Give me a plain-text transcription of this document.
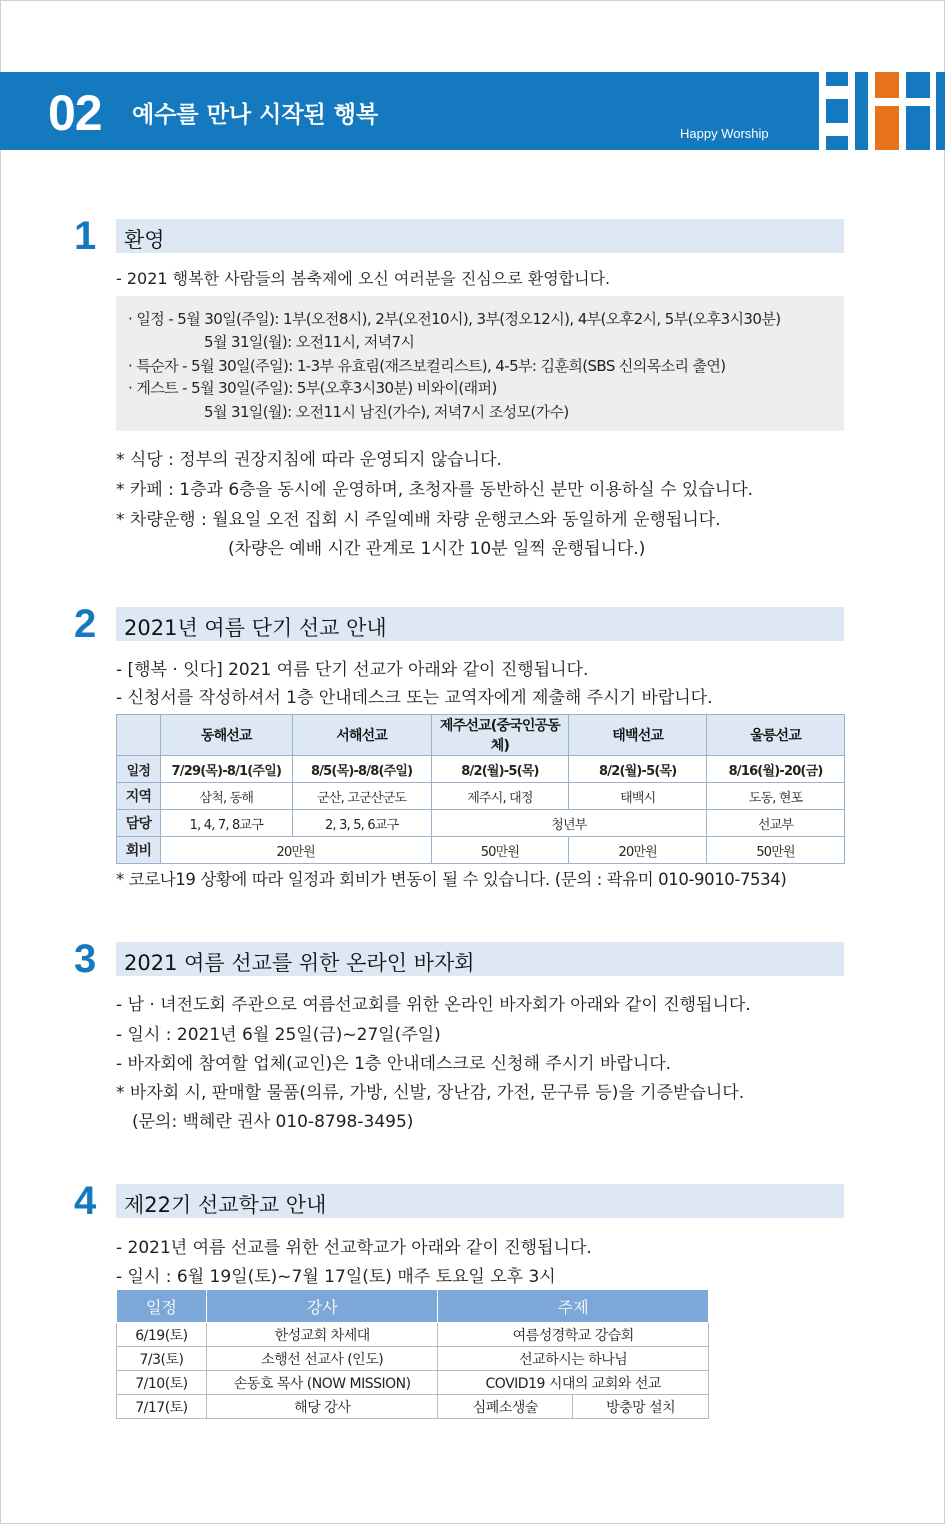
02 예수를 만나 시작된 행복
Happy Worship
1 환영
- 2021 행복한 사람들의 봄축제에 오신 여러분을 진심으로 환영합니다.
· 일정 - 5월 30일(주일): 1부(오전8시), 2부(오전10시), 3부(정오12시), 4부(오후2시, 5부(오후3시30분)
5월 31일(월): 오전11시, 저녁7시
· 특순자 - 5월 30일(주일): 1-3부 유효림(재즈보컬리스트), 4-5부: 김훈희(SBS 신의목소리 출연)
· 게스트 - 5월 30일(주일): 5부(오후3시30분) 비와이(래퍼)
5월 31일(월): 오전11시 남진(가수), 저녁7시 조성모(가수)
* 식당 : 정부의 권장지침에 따라 운영되지 않습니다.
* 카페 : 1층과 6층을 동시에 운영하며, 초청자를 동반하신 분만 이용하실 수 있습니다.
* 차량운행 : 월요일 오전 집회 시 주일예배 차량 운행코스와 동일하게 운행됩니다.
(차량은 예배 시간 관계로 1시간 10분 일찍 운행됩니다.)
2 2021년 여름 단기 선교 안내
- [행복 · 잇다] 2021 여름 단기 선교가 아래와 같이 진행됩니다.
- 신청서를 작성하셔서 1층 안내데스크 또는 교역자에게 제출해 주시기 바랍니다.
	동해선교	서해선교	제주선교(중국인공동체)	태백선교	울릉선교
일정	7/29(목)-8/1(주일)	8/5(목)-8/8(주일)	8/2(월)-5(목)	8/2(월)-5(목)	8/16(월)-20(금)
지역	삼척, 동해	군산, 고군산군도	제주시, 대정	태백시	도동, 현포
담당	1, 4, 7, 8교구	2, 3, 5, 6교구	청년부		선교부
회비	20만원		50만원	20만원	50만원
* 코로나19 상황에 따라 일정과 회비가 변동이 될 수 있습니다. (문의 : 곽유미 010-9010-7534)
3 2021 여름 선교를 위한 온라인 바자회
- 남 · 녀전도회 주관으로 여름선교회를 위한 온라인 바자회가 아래와 같이 진행됩니다.
- 일시 : 2021년 6월 25일(금)~27일(주일)
- 바자회에 참여할 업체(교인)은 1층 안내데스크로 신청해 주시기 바랍니다.
* 바자회 시, 판매할 물품(의류, 가방, 신발, 장난감, 가전, 문구류 등)을 기증받습니다.
(문의: 백혜란 권사 010-8798-3495)
4 제22기 선교학교 안내
- 2021년 여름 선교를 위한 선교학교가 아래와 같이 진행됩니다.
- 일시 : 6월 19일(토)~7월 17일(토) 매주 토요일 오후 3시
일정	강사	주제	
6/19(토)	한성교회 차세대	여름성경학교 강습회	
7/3(토)	소행선 선교사 (인도)	선교하시는 하나님	
7/10(토)	손동호 목사 (NOW MISSION)	COVID19 시대의 교회와 선교	
7/17(토)	해당 강사	심폐소생술	방충망 설치
